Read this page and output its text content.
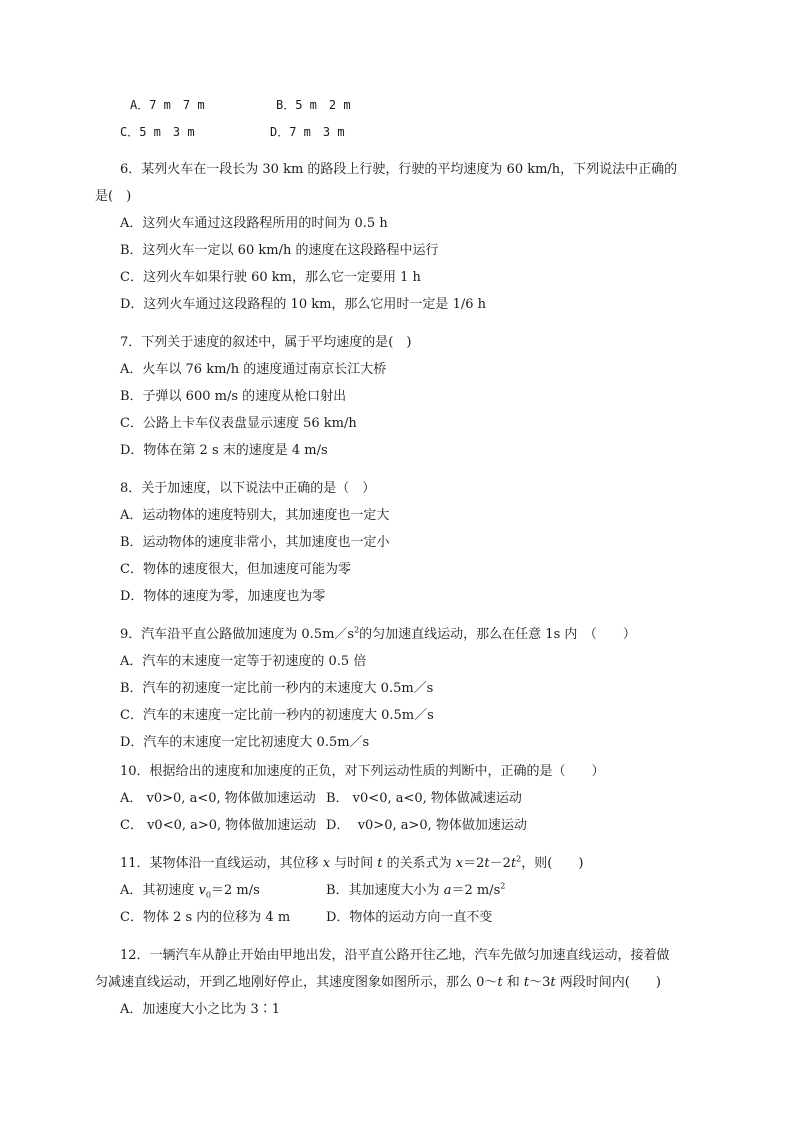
A．7 m　7 m	B．5 m　2 m
C．5 m　3 m	D．7 m　3 m
6．某列火车在一段长为 30 km 的路段上行驶，行驶的平均速度为 60 km/h，下列说法中正确的
是(　)
A．这列火车通过这段路程所用的时间为 0.5 h
B．这列火车一定以 60 km/h 的速度在这段路程中运行
C．这列火车如果行驶 60 km，那么它一定要用 1 h
D．这列火车通过这段路程的 10 km，那么它用时一定是 1/6 h
7．下列关于速度的叙述中，属于平均速度的是(　)
A．火车以 76 km/h 的速度通过南京长江大桥
B．子弹以 600 m/s 的速度从枪口射出
C．公路上卡车仪表盘显示速度 56 km/h
D．物体在第 2 s 末的速度是 4 m/s
8．关于加速度，以下说法中正确的是（　）
A．运动物体的速度特别大，其加速度也一定大
B．运动物体的速度非常小，其加速度也一定小
C．物体的速度很大，但加速度可能为零
D．物体的速度为零，加速度也为零
9．汽车沿平直公路做加速度为 $0.5m/s^2$的匀加速直线运动，那么在任意 1s 内　（　　）
A．汽车的末速度一定等于初速度的 0.5 倍
B．汽车的初速度一定比前一秒内的末速度大 0.5m／s
C．汽车的末速度一定比前一秒内的初速度大 0.5m／s
D．汽车的末速度一定比初速度大 0.5m／s
10．根据给出的速度和加速度的正负，对下列运动性质的判断中，正确的是（　　）
A． v0>0, a<0, 物体做加速运动 B． v0<0, a<0, 物体做减速运动
C． v0<0, a>0, 物体做加速运动 D．  v0>0, a>0, 物体做加速运动
11．某物体沿一直线运动，其位移 x 与时间 t 的关系式为 $x=2t-2t^2$，则(　　)
A．其初速度 $v_0=2$ m/s	B．其加速度大小为 a＝2 $m/s^2$
C．物体 2 s 内的位移为 4 m	D．物体的运动方向一直不变
12．一辆汽车从静止开始由甲地出发，沿平直公路开往乙地，汽车先做匀加速直线运动，接着做
匀减速直线运动，开到乙地刚好停止，其速度图象如图所示，那么 0～t 和 t～3t 两段时间内(　　)
A．加速度大小之比为 3∶1
